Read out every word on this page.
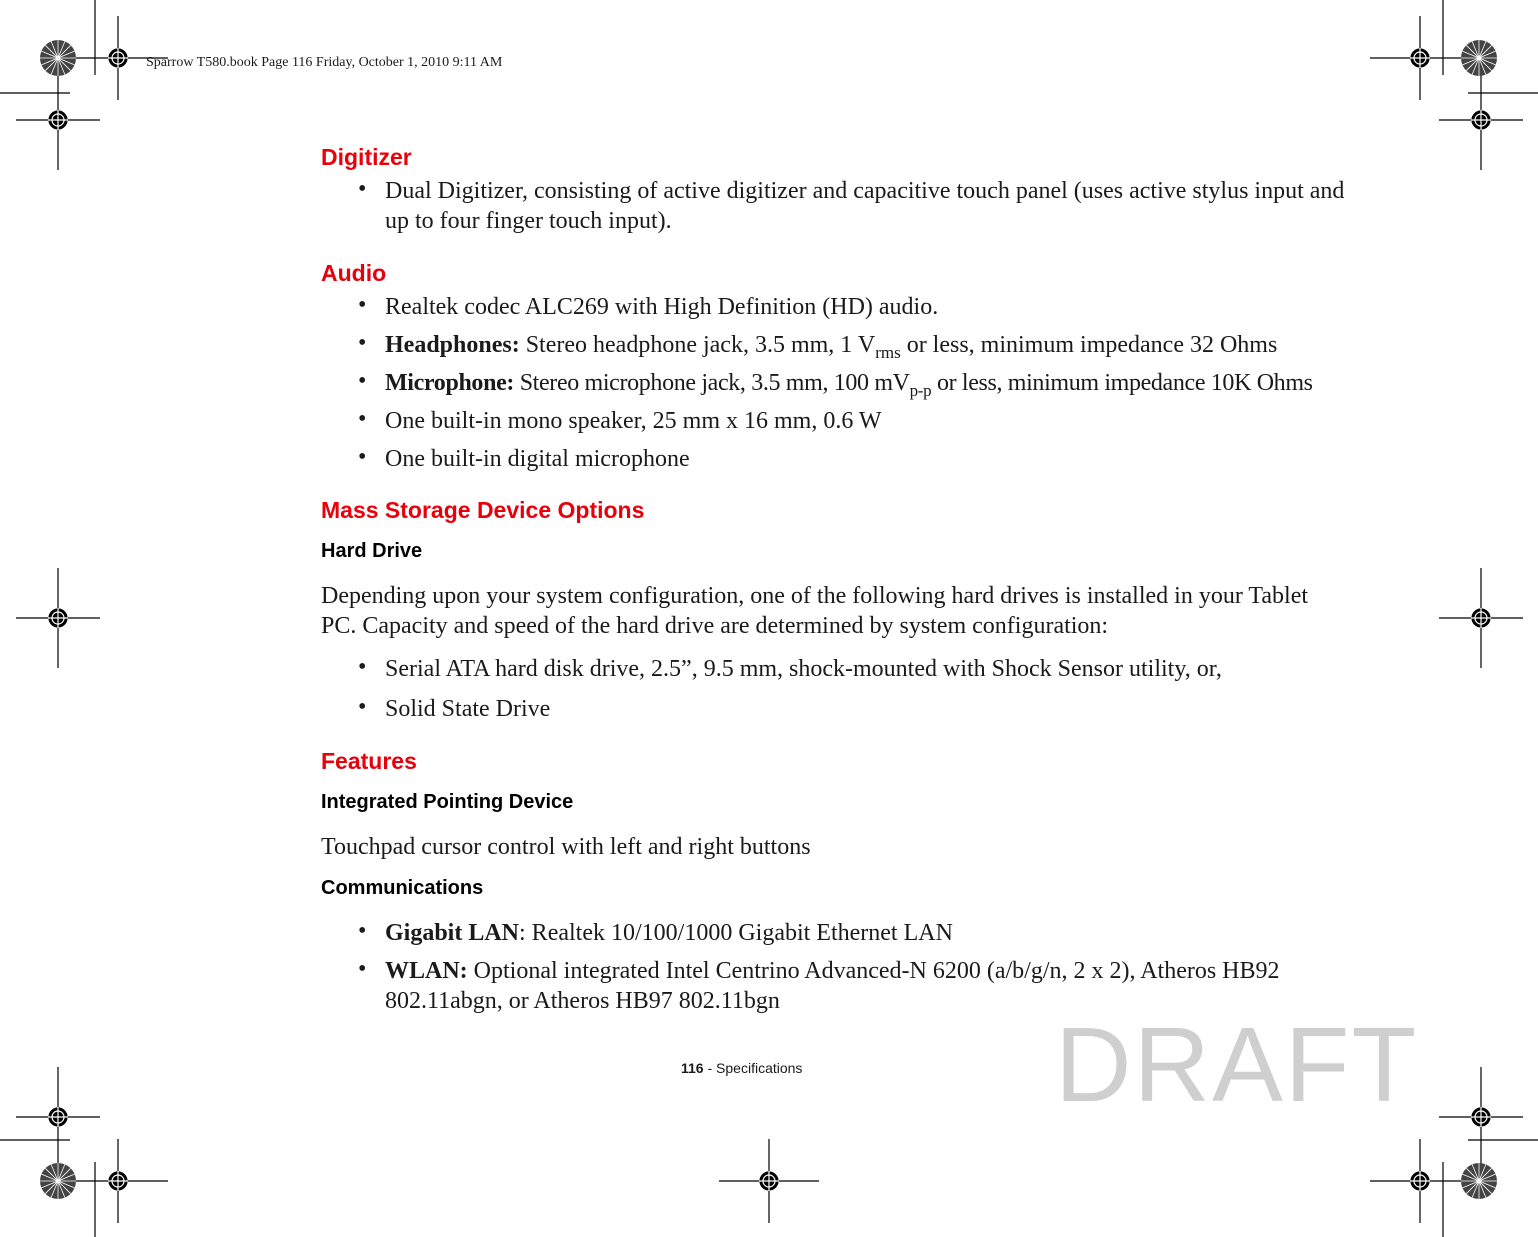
Sparrow T580.book Page 116 Friday, October 1, 2010 9:11 AM
Digitizer
• Dual Digitizer, consisting of active digitizer and capacitive touch panel (uses active stylus input and
up to four finger touch input).
Audio
• Realtek codec ALC269 with High Definition (HD) audio.
• Headphones: Stereo headphone jack, 3.5 mm, 1 $V_{rms}$ or less, minimum impedance 32 Ohms
• Microphone: Stereo microphone jack, 3.5 mm, 100 $mV_{p-p}$ or less, minimum impedance 10K Ohms
• One built-in mono speaker, 25 mm x 16 mm, 0.6 W
• One built-in digital microphone
Mass Storage Device Options
Hard Drive
Depending upon your system configuration, one of the following hard drives is installed in your Tablet
PC. Capacity and speed of the hard drive are determined by system configuration:
• Serial ATA hard disk drive, 2.5”, 9.5 mm, shock-mounted with Shock Sensor utility, or,
• Solid State Drive
Features
Integrated Pointing Device
Touchpad cursor control with left and right buttons
Communications
• Gigabit LAN: Realtek 10/100/1000 Gigabit Ethernet LAN
• WLAN: Optional integrated Intel Centrino Advanced-N 6200 (a/b/g/n, 2 x 2), Atheros HB92
802.11abgn, or Atheros HB97 802.11bgn
116 - Specifications DRAFT
